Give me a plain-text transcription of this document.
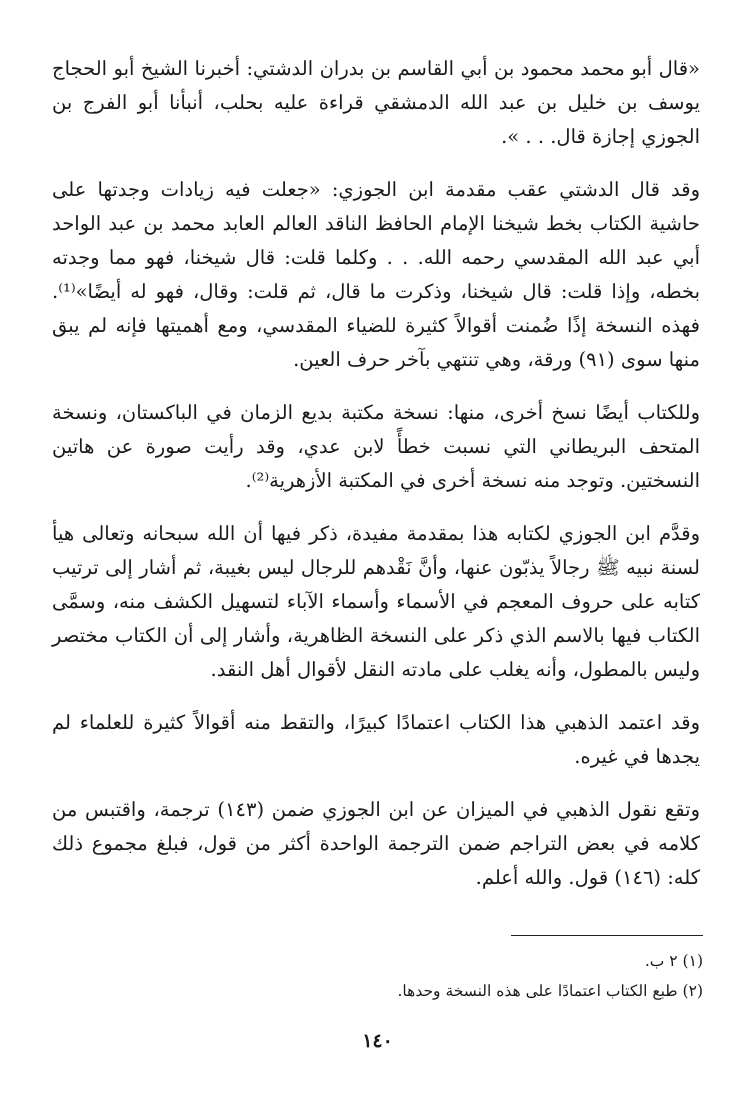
«قال أبو محمد محمود بن أبي القاسم بن بدران الدشتي: أخبرنا الشيخ أبو الحجاج يوسف بن خليل بن عبد الله الدمشقي قراءة عليه بحلب، أنبأنا أبو الفرج بن الجوزي إجازة قال. . . ».

وقد قال الدشتي عقب مقدمة ابن الجوزي: «جعلت فيه زيادات وجدتها على حاشية الكتاب بخط شيخنا الإمام الحافظ الناقد العالم العابد محمد بن عبد الواحد أبي عبد الله المقدسي رحمه الله. . . وكلما قلت: قال شيخنا، فهو مما وجدته بخطه، وإذا قلت: قال شيخنا، وذكرت ما قال، ثم قلت: وقال، فهو له أيضًا»⁽¹⁾. فهذه النسخة إذًا ضُمنت أقوالاً كثيرة للضياء المقدسي، ومع أهميتها فإنه لم يبق منها سوى (٩١) ورقة، وهي تنتهي بآخر حرف العين.

وللكتاب أيضًا نسخ أخرى، منها: نسخة مكتبة بديع الزمان في الباكستان، ونسخة المتحف البريطاني التي نسبت خطأً لابن عدي، وقد رأيت صورة عن هاتين النسختين. وتوجد منه نسخة أخرى في المكتبة الأزهرية⁽²⁾.

وقدَّم ابن الجوزي لكتابه هذا بمقدمة مفيدة، ذكر فيها أن الله سبحانه وتعالى هيأ لسنة نبيه ﷺ رجالاً يذبّون عنها، وأنَّ نَقْدهم للرجال ليس بغيبة، ثم أشار إلى ترتيب كتابه على حروف المعجم في الأسماء وأسماء الآباء لتسهيل الكشف منه، وسمَّى الكتاب فيها بالاسم الذي ذكر على النسخة الظاهرية، وأشار إلى أن الكتاب مختصر وليس بالمطول، وأنه يغلب على مادته النقل لأقوال أهل النقد.

وقد اعتمد الذهبي هذا الكتاب اعتمادًا كبيرًا، والتقط منه أقوالاً كثيرة للعلماء لم يجدها في غيره.

وتقع نقول الذهبي في الميزان عن ابن الجوزي ضمن (١٤٣) ترجمة، واقتبس من كلامه في بعض التراجم ضمن الترجمة الواحدة أكثر من قول، فبلغ مجموع ذلك كله: (١٤٦) قول. والله أعلم.

(١) ٢ ب.

(٢) طبع الكتاب اعتمادًا على هذه النسخة وحدها.

١٤٠
